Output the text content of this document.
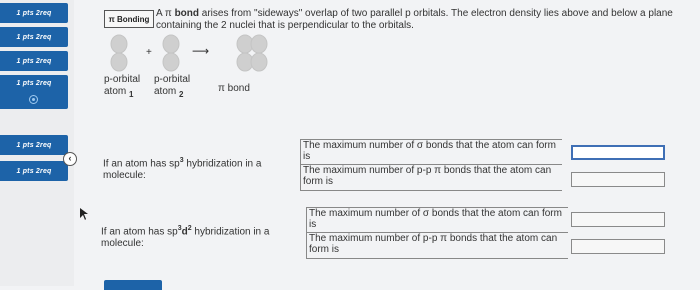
1 pts 2req
1 pts 2req
1 pts 2req
1 pts 2req
1 pts 2req
1 pts 2req
‹
π Bonding A π bond arises from "sideways" overlap of two parallel p orbitals. The electron density lies above and below a plane containing the 2 nuclei that is perpendicular to the orbitals.
+	⟶
p-orbital
atom $_1$
p-orbital
atom $_2$
π bond
If an atom has $sp^3$ hybridization in a molecule:
The maximum number of σ bonds that the atom can form is
The maximum number of p-p π bonds that the atom can form is
If an atom has $sp^3d^2$ hybridization in a molecule:
The maximum number of σ bonds that the atom can form is
The maximum number of p-p π bonds that the atom can form is
